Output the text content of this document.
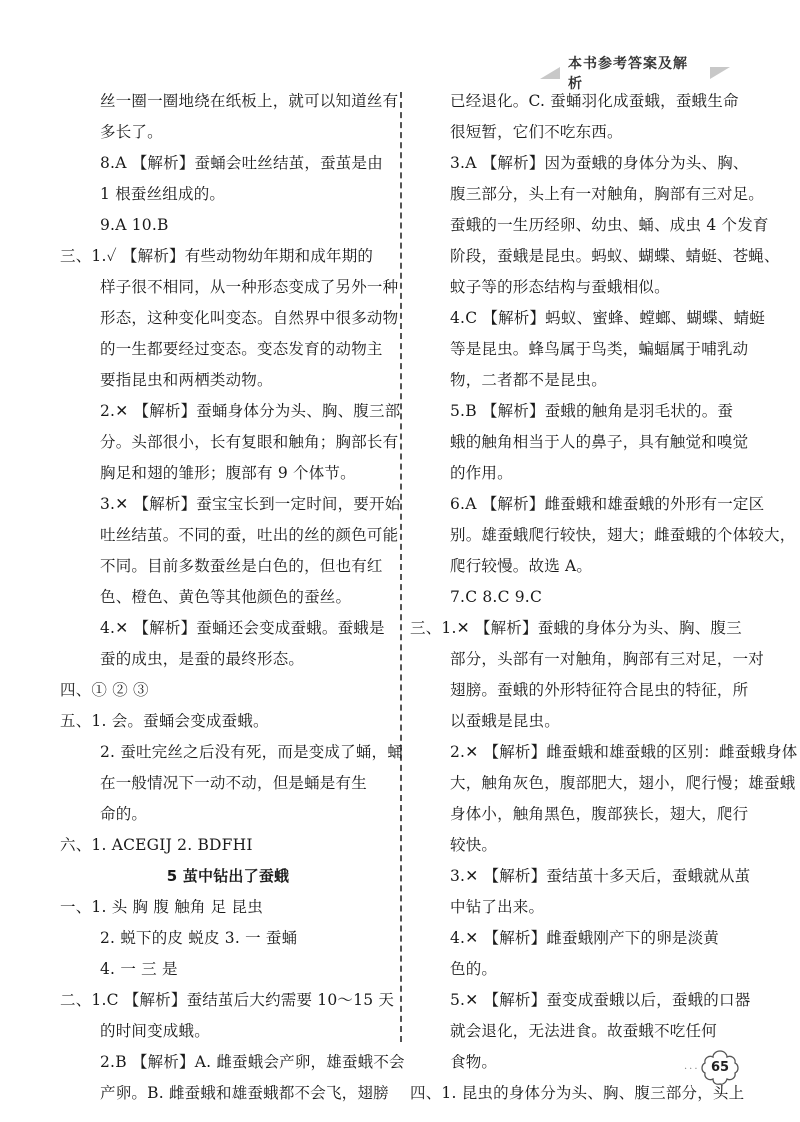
本书参考答案及解析
丝一圈一圈地绕在纸板上，就可以知道丝有
多长了。
8.A 【解析】蚕蛹会吐丝结茧，蚕茧是由
1 根蚕丝组成的。
9.A 10.B
三、1.✓ 【解析】有些动物幼年期和成年期的
样子很不相同，从一种形态变成了另外一种
形态，这种变化叫变态。自然界中很多动物
的一生都要经过变态。变态发育的动物主
要指昆虫和两栖类动物。
2.✕ 【解析】蚕蛹身体分为头、胸、腹三部
分。头部很小，长有复眼和触角；胸部长有
胸足和翅的雏形；腹部有 9 个体节。
3.✕ 【解析】蚕宝宝长到一定时间，要开始
吐丝结茧。不同的蚕，吐出的丝的颜色可能
不同。目前多数蚕丝是白色的，但也有红
色、橙色、黄色等其他颜色的蚕丝。
4.✕ 【解析】蚕蛹还会变成蚕蛾。蚕蛾是
蚕的成虫，是蚕的最终形态。
四、① ② ③
五、1. 会。蚕蛹会变成蚕蛾。
2. 蚕吐完丝之后没有死，而是变成了蛹，蛹
在一般情况下一动不动，但是蛹是有生
命的。
六、1. ACEGIJ 2. BDFHI
5 茧中钻出了蚕蛾
一、1. 头 胸 腹 触角 足 昆虫
2. 蜕下的皮 蜕皮 3. 一 蚕蛹
4. 一 三 是
二、1.C 【解析】蚕结茧后大约需要 10～15 天
的时间变成蛾。
2.B 【解析】A. 雌蚕蛾会产卵，雄蚕蛾不会
产卵。B. 雌蚕蛾和雄蚕蛾都不会飞，翅膀
已经退化。C. 蚕蛹羽化成蚕蛾，蚕蛾生命
很短暂，它们不吃东西。
3.A 【解析】因为蚕蛾的身体分为头、胸、
腹三部分，头上有一对触角，胸部有三对足。
蚕蛾的一生历经卵、幼虫、蛹、成虫 4 个发育
阶段，蚕蛾是昆虫。蚂蚁、蝴蝶、蜻蜓、苍蝇、
蚊子等的形态结构与蚕蛾相似。
4.C 【解析】蚂蚁、蜜蜂、螳螂、蝴蝶、蜻蜓
等是昆虫。蜂鸟属于鸟类，蝙蝠属于哺乳动
物，二者都不是昆虫。
5.B 【解析】蚕蛾的触角是羽毛状的。蚕
蛾的触角相当于人的鼻子，具有触觉和嗅觉
的作用。
6.A 【解析】雌蚕蛾和雄蚕蛾的外形有一定区
别。雄蚕蛾爬行较快，翅大；雌蚕蛾的个体较大，
爬行较慢。故选 A。
7.C 8.C 9.C
三、1.✕ 【解析】蚕蛾的身体分为头、胸、腹三
部分，头部有一对触角，胸部有三对足，一对
翅膀。蚕蛾的外形特征符合昆虫的特征，所
以蚕蛾是昆虫。
2.✕ 【解析】雌蚕蛾和雄蚕蛾的区别：雌蚕蛾身体
大，触角灰色，腹部肥大，翅小，爬行慢；雄蚕蛾
身体小，触角黑色，腹部狭长，翅大，爬行
较快。
3.✕ 【解析】蚕结茧十多天后，蚕蛾就从茧
中钻了出来。
4.✕ 【解析】雌蚕蛾刚产下的卵是淡黄
色的。
5.✕ 【解析】蚕变成蚕蛾以后，蚕蛾的口器
就会退化，无法进食。故蚕蛾不吃任何
食物。
四、1. 昆虫的身体分为头、胸、腹三部分，头上
··· 65
